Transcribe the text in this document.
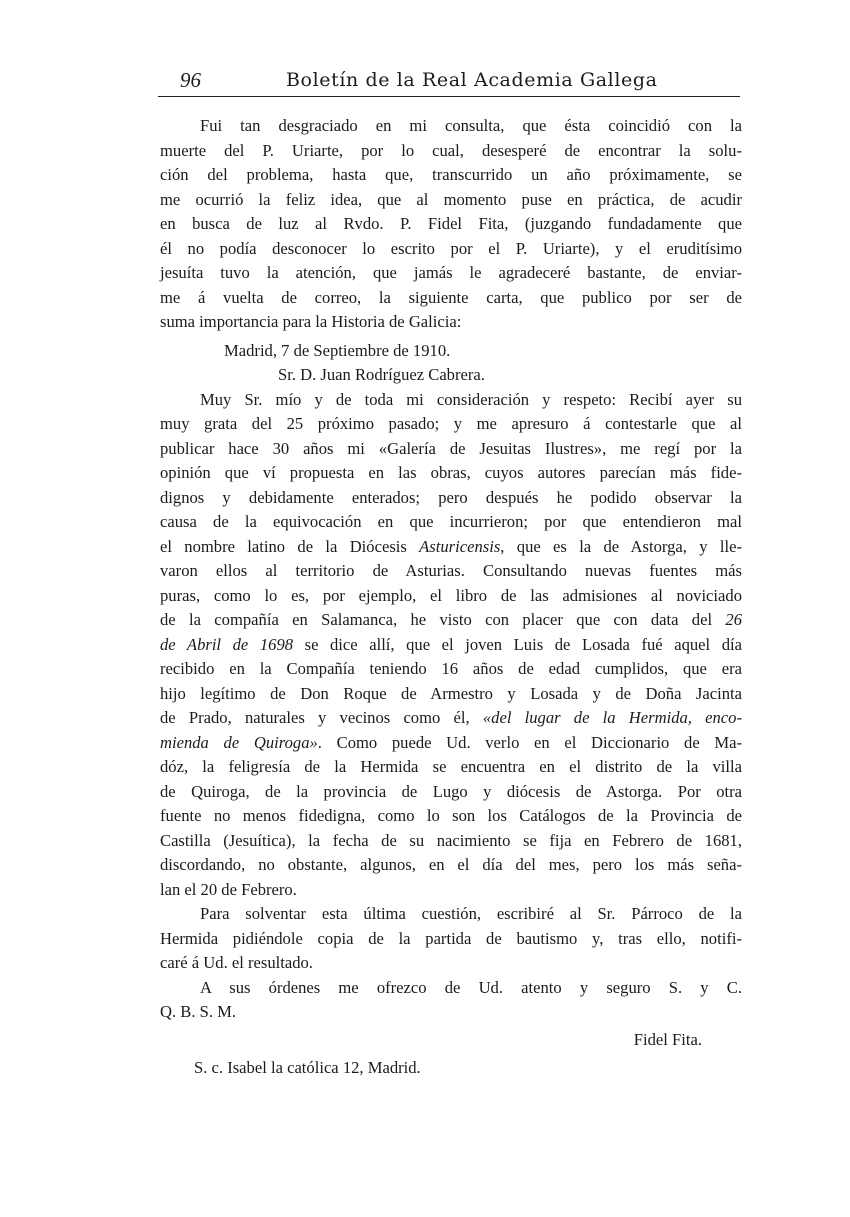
96	Boletín de la Real Academia Gallega
Fui tan desgraciado en mi consulta, que ésta coincidió con la
muerte del P. Uriarte, por lo cual, desesperé de encontrar la solu-
ción del problema, hasta que, transcurrido un año próximamente, se
me ocurrió la feliz idea, que al momento puse en práctica, de acudir
en busca de luz al Rvdo. P. Fidel Fita, (juzgando fundadamente que
él no podía desconocer lo escrito por el P. Uriarte), y el eruditísimo
jesuíta tuvo la atención, que jamás le agradeceré bastante, de enviar-
me á vuelta de correo, la siguiente carta, que publico por ser de
suma importancia para la Historia de Galicia:
Madrid, 7 de Septiembre de 1910.
Sr. D. Juan Rodríguez Cabrera.
Muy Sr. mío y de toda mi consideración y respeto: Recibí ayer su
muy grata del 25 próximo pasado; y me apresuro á contestarle que al
publicar hace 30 años mi «Galería de Jesuitas Ilustres», me regí por la
opinión que ví propuesta en las obras, cuyos autores parecían más fide-
dignos y debidamente enterados; pero después he podido observar la
causa de la equivocación en que incurrieron; por que entendieron mal
el nombre latino de la Diócesis Asturicensis, que es la de Astorga, y lle-
varon ellos al territorio de Asturias. Consultando nuevas fuentes más
puras, como lo es, por ejemplo, el libro de las admisiones al noviciado
de la compañía en Salamanca, he visto con placer que con data del 26
de Abril de 1698 se dice allí, que el joven Luis de Losada fué aquel día
recibido en la Compañía teniendo 16 años de edad cumplidos, que era
hijo legítimo de Don Roque de Armestro y Losada y de Doña Jacinta
de Prado, naturales y vecinos como él, «del lugar de la Hermida, enco-
mienda de Quiroga». Como puede Ud. verlo en el Diccionario de Ma-
dóz, la feligresía de la Hermida se encuentra en el distrito de la villa
de Quiroga, de la provincia de Lugo y diócesis de Astorga. Por otra
fuente no menos fidedigna, como lo son los Catálogos de la Provincia de
Castilla (Jesuítica), la fecha de su nacimiento se fija en Febrero de 1681,
discordando, no obstante, algunos, en el día del mes, pero los más seña-
lan el 20 de Febrero.
Para solventar esta última cuestión, escribiré al Sr. Párroco de la
Hermida pidiéndole copia de la partida de bautismo y, tras ello, notifi-
caré á Ud. el resultado.
A sus órdenes me ofrezco de Ud. atento y seguro S. y C.
Q. B. S. M.
Fidel Fita.
S. c. Isabel la católica 12, Madrid.
